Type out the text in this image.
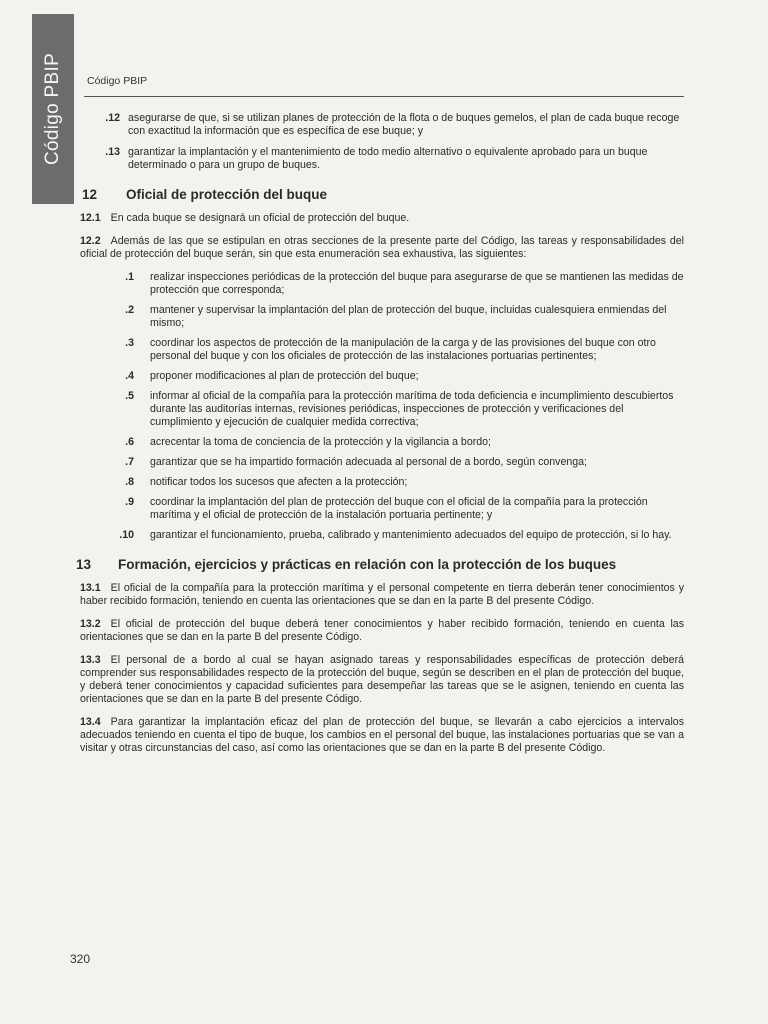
Código PBIP Código PBIP
.12 asegurarse de que, si se utilizan planes de protección de la flota o de buques gemelos, el plan de cada buque recoge con exactitud la información que es específica de ese buque; y
.13 garantizar la implantación y el mantenimiento de todo medio alternativo o equivalente aprobado para un buque determinado o para un grupo de buques.
12	Oficial de protección del buque
12.1 En cada buque se designará un oficial de protección del buque.
12.2 Además de las que se estipulan en otras secciones de la presente parte del Código, las tareas y responsabilidades del oficial de protección del buque serán, sin que esta enumeración sea exhaustiva, las siguientes:
.1	realizar inspecciones periódicas de la protección del buque para asegurarse de que se mantienen las medidas de protección que corresponda;
.2	mantener y supervisar la implantación del plan de protección del buque, incluidas cualesquiera enmiendas del mismo;
.3	coordinar los aspectos de protección de la manipulación de la carga y de las provisiones del buque con otro personal del buque y con los oficiales de protección de las instalaciones portuarias pertinentes;
.4	proponer modificaciones al plan de protección del buque;
.5	informar al oficial de la compañía para la protección marítima de toda deficiencia e incumplimiento descubiertos durante las auditorías internas, revisiones periódicas, inspecciones de protección y verificaciones del cumplimiento y ejecución de cualquier medida correctiva;
.6	acrecentar la toma de conciencia de la protección y la vigilancia a bordo;
.7	garantizar que se ha impartido formación adecuada al personal de a bordo, según convenga;
.8	notificar todos los sucesos que afecten a la protección;
.9	coordinar la implantación del plan de protección del buque con el oficial de la compañía para la protección marítima y el oficial de protección de la instalación portuaria pertinente; y
.10	garantizar el funcionamiento, prueba, calibrado y mantenimiento adecuados del equipo de protección, si lo hay.
13	Formación, ejercicios y prácticas en relación con la protección de los buques
13.1 El oficial de la compañía para la protección marítima y el personal competente en tierra deberán tener conocimientos y haber recibido formación, teniendo en cuenta las orientaciones que se dan en la parte B del presente Código.
13.2 El oficial de protección del buque deberá tener conocimientos y haber recibido formación, teniendo en cuenta las orientaciones que se dan en la parte B del presente Código.
13.3 El personal de a bordo al cual se hayan asignado tareas y responsabilidades específicas de protección deberá comprender sus responsabilidades respecto de la protección del buque, según se describen en el plan de protección del buque, y deberá tener conocimientos y capacidad suficientes para desempeñar las tareas que se le asignen, teniendo en cuenta las orientaciones que se dan en la parte B del presente Código.
13.4 Para garantizar la implantación eficaz del plan de protección del buque, se llevarán a cabo ejercicios a intervalos adecuados teniendo en cuenta el tipo de buque, los cambios en el personal del buque, las instalaciones portuarias que se van a visitar y otras circunstancias del caso, así como las orientaciones que se dan en la parte B del presente Código.
320
